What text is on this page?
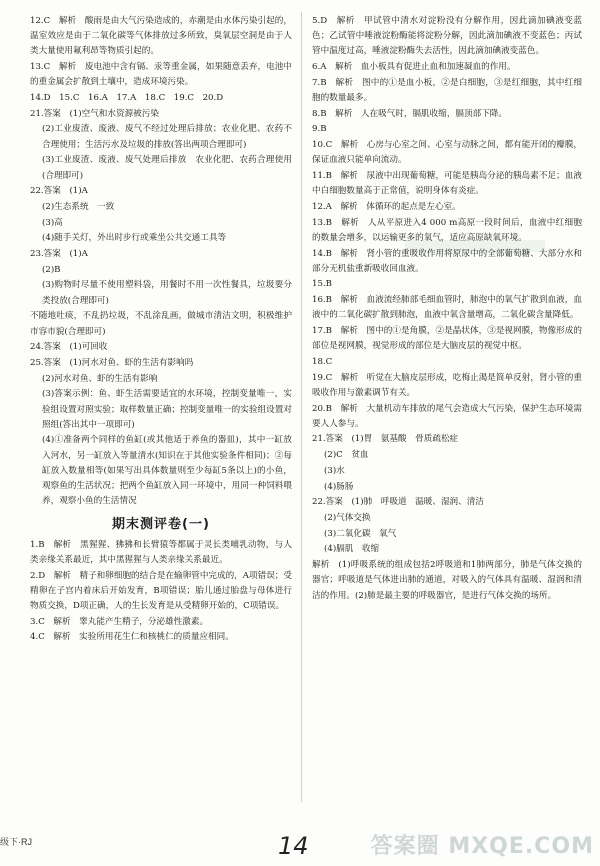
12.C　解析　酸雨是由大气污染造成的，赤潮是由水体污染引起的，温室效应是由于二氧化碳等气体排放过多所致，臭氧层空洞是由于人类大量使用氟利昂等物质引起的。

13.C　解析　废电池中含有镉、汞等重金属，如果随意丢弃，电池中的重金属会扩散到土壤中，造成环境污染。

14.D　15.C　16.A　17.A　18.C　19.C　20.D

21.答案　(1)空气和水资源被污染

(2)工业废渣、废液、废气不经过处理后排放；农业化肥、农药不合理使用；生活污水及垃圾的排放(答出两项合理即可)

(3)工业废渣、废液、废气处理后排放　农业化肥、农药合理使用(合理即可)

22.答案　(1)A

(2)生态系统　一致

(3)高

(4)随手关灯，外出时步行或乘坐公共交通工具等

23.答案　(1)A

(2)B

(3)购物时尽量不使用塑料袋，用餐时不用一次性餐具，垃圾要分类投放(合理即可)

不随地吐痰，不乱扔垃圾，不乱涂乱画，做城市清洁文明，积极维护市容市貌(合理即可)

24.答案　(1)可回收

25.答案　(1)河水对鱼、虾的生活有影响吗

(2)河水对鱼、虾的生活有影响

(3)答案示例：鱼、虾生活需要适宜的水环境，控制变量唯一，实验组设置对照实验；取样数量正确；控制变量唯一的实验组设置对照组(答出其中一项即可)

(4)①准备两个同样的鱼缸(或其他适于养鱼的器皿)，其中一缸放入河水，另一缸放入等量清水(知识在于其他实验条件相同)；②每缸放入数量相等(如果写出具体数量则至少每缸5条以上)的小鱼，观察鱼的生活状况；把两个鱼缸放入同一环境中，用同一种饲料喂养，观察小鱼的生活情况

期末测评卷(一)

1.B　解析　黑猩猩、狒狒和长臂猿等都属于灵长类哺乳动物，与人类亲缘关系最近，其中黑猩猩与人类亲缘关系最近。

2.D　解析　精子和卵细胞的结合是在输卵管中完成的，A项错误；受精卵在子宫内着床后开始发育，B项错误；胎儿通过胎盘与母体进行物质交换，D项正确，人的生长发育是从受精卵开始的，C项错误。

3.C　解析　睾丸能产生精子，分泌雄性激素。

4.C　解析　实验所用花生仁和核桃仁的质量应相同。

5.D　解析　甲试管中清水对淀粉没有分解作用，因此滴加碘液变蓝色；乙试管中唾液淀粉酶能将淀粉分解，因此滴加碘液不变蓝色；丙试管中温度过高，唾液淀粉酶失去活性，因此滴加碘液变蓝色。

6.A　解析　血小板具有促进止血和加速凝血的作用。

7.B　解析　图中的①是血小板，②是白细胞，③是红细胞，其中红细胞的数量最多。

8.B　解析　人在吸气时，膈肌收缩，膈顶部下降。

9.B

10.C　解析　心房与心室之间、心室与动脉之间，都有能开闭的瓣膜，保证血液只能单向流动。

11.B　解析　尿液中出现葡萄糖，可能是胰岛分泌的胰岛素不足；血液中白细胞数量高于正常值，说明身体有炎症。

12.A　解析　体循环的起点是左心室。

13.B　解析　人从平原进入4 000 m高原一段时间后，血液中红细胞的数量会增多，以运输更多的氧气，适应高原缺氧环境。

14.B　解析　肾小管的重吸收作用将原尿中的全部葡萄糖、大部分水和部分无机盐重新吸收回血液。

15.B

16.B　解析　血液流经肺部毛细血管时，肺泡中的氧气扩散到血液，血液中的二氧化碳扩散到肺泡，血液中氧含量增高，二氧化碳含量降低。

17.B　解析　图中的①是角膜，②是晶状体，③是视网膜，物像形成的部位是视网膜，视觉形成的部位是大脑皮层的视觉中枢。

18.C

19.C　解析　听觉在大脑皮层形成，吃梅止渴是简单反射，肾小管的重吸收作用与激素调节有关。

20.B　解析　大量机动车排放的尾气会造成大气污染，保护生态环境需要人人参与。

21.答案　(1)胃　氨基酸　骨质疏松症

(2)C　贫血

(3)水

(4)肠肠

22.答案　(1)肺　呼吸道　温暖、湿润、清洁

(2)气体交换

(3)二氧化碳　氧气

(4)膈肌　收缩

解析　(1)呼吸系统的组成包括2呼吸道和1肺两部分，肺是气体交换的器官；呼吸道是气体进出肺的通道，对吸入的气体具有温暖、湿润和清洁的作用。(2)肺是最主要的呼吸器官，是进行气体交换的场所。

级下·RJ	14	答案圈 MXQE.COM
